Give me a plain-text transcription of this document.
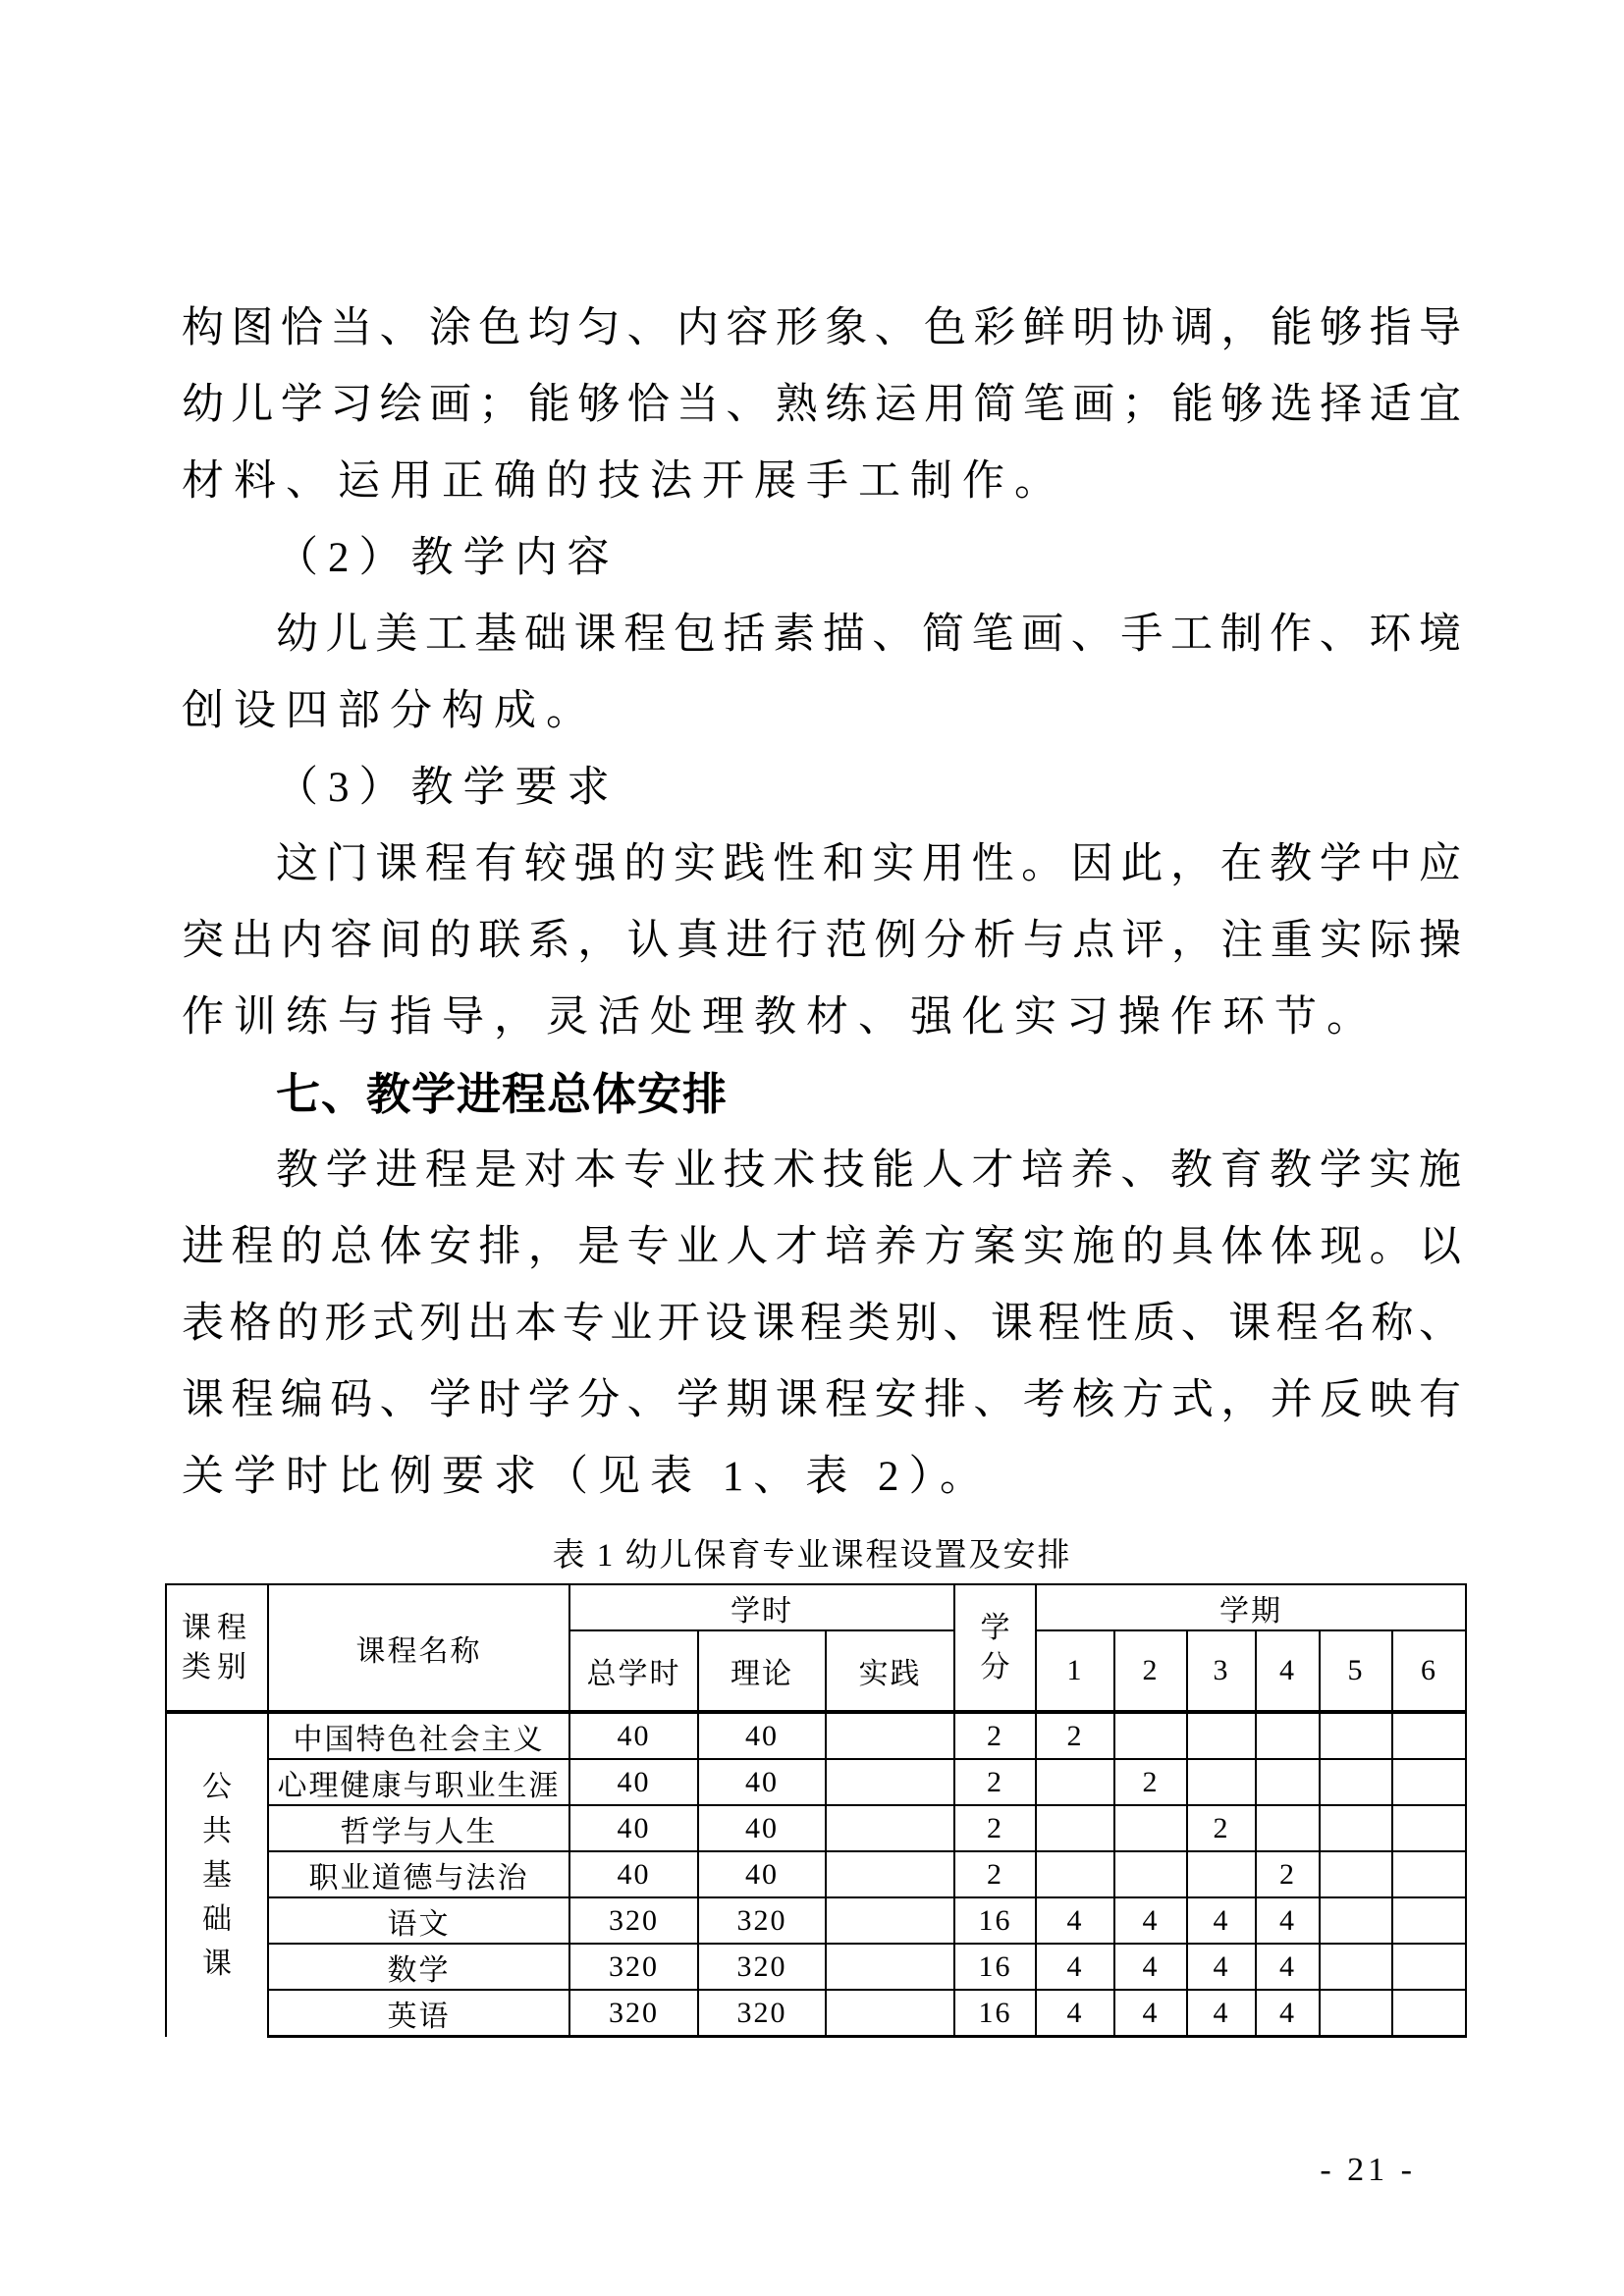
构图恰当、涂色均匀、内容形象、色彩鲜明协调，能够指导
幼儿学习绘画；能够恰当、熟练运用简笔画；能够选择适宜
材料、运用正确的技法开展手工制作。
（2）教学内容
幼儿美工基础课程包括素描、简笔画、手工制作、环境
创设四部分构成。
（3）教学要求
这门课程有较强的实践性和实用性。因此，在教学中应
突出内容间的联系，认真进行范例分析与点评，注重实际操
作训练与指导，灵活处理教材、强化实习操作环节。
七、教学进程总体安排
教学进程是对本专业技术技能人才培养、教育教学实施
进程的总体安排，是专业人才培养方案实施的具体体现。以
表格的形式列出本专业开设课程类别、课程性质、课程名称、
课程编码、学时学分、学期课程安排、考核方式，并反映有
关学时比例要求（见表 1、表 2）。
表 1 幼儿保育专业课程设置及安排
课程类别	课程名称	学时			学分	学期					
		总学时	理论	实践		1	2	3	4	5	6

公共基础课	中国特色社会主义	40	40		2	2					
	心理健康与职业生涯	40	40		2		2				
	哲学与人生	40	40		2			2			
	职业道德与法治	40	40		2				2		
	语文	320	320		16	4	4	4	4		
	数学	320	320		16	4	4	4	4		
	英语	320	320		16	4	4	4	4		
- 21 -
